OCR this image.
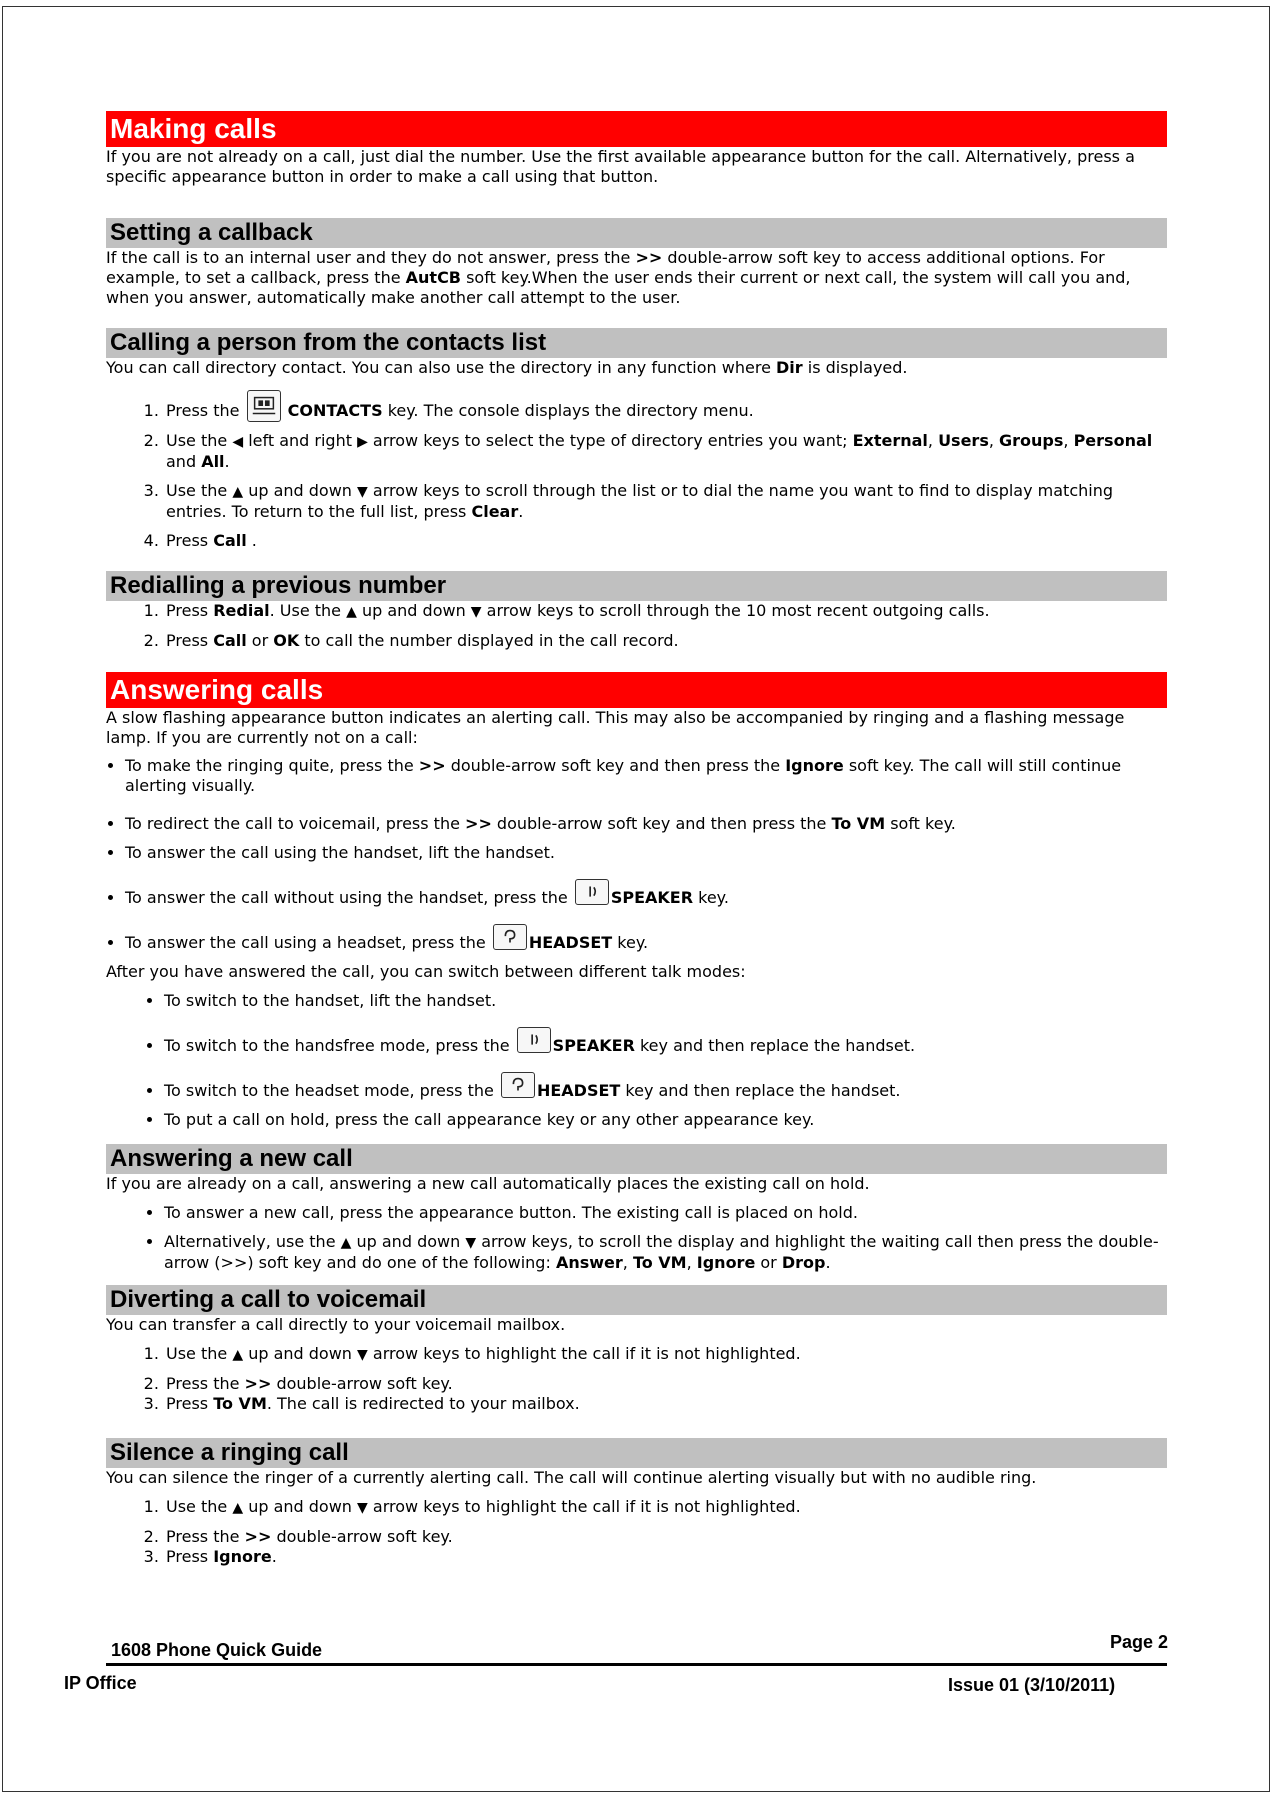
Making calls

If you are not already on a call, just dial the number. Use the first available appearance button for the call. Alternatively, press a specific appearance button in order to make a call using that button.

Setting a callback

If the call is to an internal user and they do not answer, press the >> double-arrow soft key to access additional options. For example, to set a callback, press the AutCB soft key.When the user ends their current or next call, the system will call you and, when you answer, automatically make another call attempt to the user.

Calling a person from the contacts list

You can call directory contact. You can also use the directory in any function where Dir is displayed.

1. Press the	CONTACTS key. The console displays the directory menu.
2. Use the ◀ left and right ▶ arrow keys to select the type of directory entries you want; External, Users, Groups, Personal and All.
3. Use the ▲ up and down ▼ arrow keys to scroll through the list or to dial the name you want to find to display matching entries. To return to the full list, press Clear.
4. Press Call .
Redialling a previous number
1. Press Redial. Use the ▲ up and down ▼ arrow keys to scroll through the 10 most recent outgoing calls.
2. Press Call or OK to call the number displayed in the call record.
Answering calls

A slow flashing appearance button indicates an alerting call. This may also be accompanied by ringing and a flashing message lamp. If you are currently not on a call:

• To make the ringing quite, press the >> double-arrow soft key and then press the Ignore soft key. The call will still continue alerting visually.
• To redirect the call to voicemail, press the >> double-arrow soft key and then press the To VM soft key.
• To answer the call using the handset, lift the handset.
• To answer the call without using the handset, press the
SPEAKER key.
• To answer the call using a headset, press the
HEADSET key.

After you have answered the call, you can switch between different talk modes:

• To switch to the handset, lift the handset.
• To switch to the handsfree mode, press the
SPEAKER key and then replace the handset.
• To switch to the headset mode, press the
HEADSET key and then replace the handset.
• To put a call on hold, press the call appearance key or any other appearance key.
Answering a new call

If you are already on a call, answering a new call automatically places the existing call on hold.

• To answer a new call, press the appearance button. The existing call is placed on hold.
• Alternatively, use the ▲ up and down ▼ arrow keys, to scroll the display and highlight the waiting call then press the double-arrow (>>) soft key and do one of the following: Answer, To VM, Ignore or Drop.
Diverting a call to voicemail

You can transfer a call directly to your voicemail mailbox.

1. Use the ▲ up and down ▼ arrow keys to highlight the call if it is not highlighted.
2. Press the >> double-arrow soft key.
3. Press To VM. The call is redirected to your mailbox.
Silence a ringing call

You can silence the ringer of a currently alerting call. The call will continue alerting visually but with no audible ring.

1. Use the ▲ up and down ▼ arrow keys to highlight the call if it is not highlighted.
2. Press the >> double-arrow soft key.
3. Press Ignore.
1608 Phone Quick Guide	Page 2
IP Office	Issue 01 (3/10/2011)
